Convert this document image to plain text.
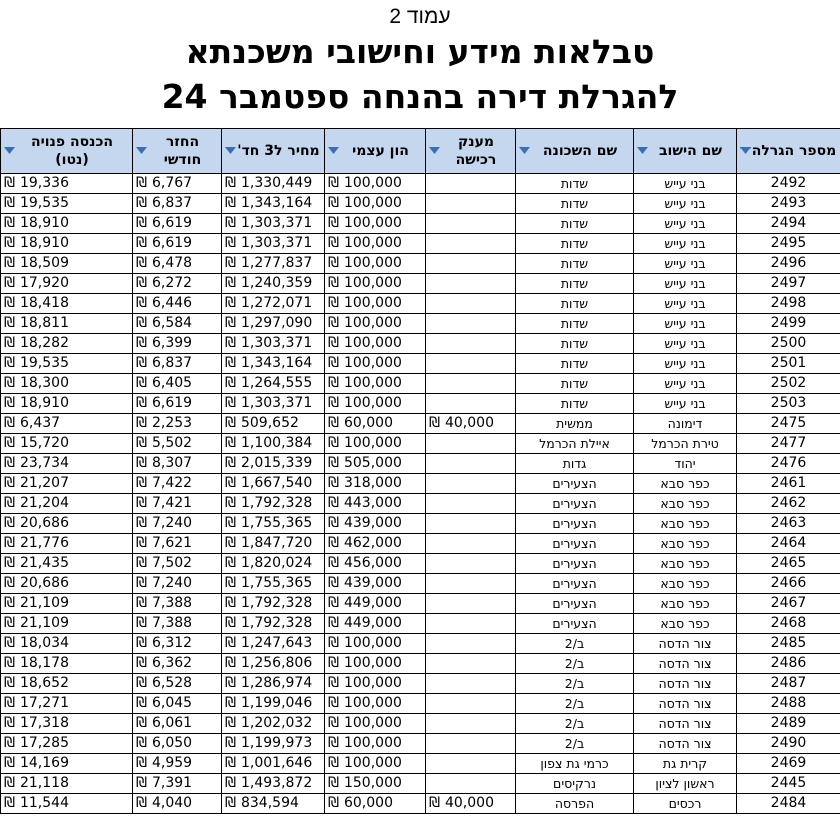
עמוד 2
טבלאות מידע וחישובי משכנתא
להגרלת דירה בהנחה ספטמבר 24
מספר הגרלה	שם הישוב	שם השכונה	מענק רכישה	הון עצמי	מחיר ל3 חד'	החזר חודשי	הכנסה פנויה (נטו)

2492	בני עייש	שדות		₪ 100,000	₪ 1,330,449	₪ 6,767	₪ 19,336
2493	בני עייש	שדות		₪ 100,000	₪ 1,343,164	₪ 6,837	₪ 19,535
2494	בני עייש	שדות		₪ 100,000	₪ 1,303,371	₪ 6,619	₪ 18,910
2495	בני עייש	שדות		₪ 100,000	₪ 1,303,371	₪ 6,619	₪ 18,910
2496	בני עייש	שדות		₪ 100,000	₪ 1,277,837	₪ 6,478	₪ 18,509
2497	בני עייש	שדות		₪ 100,000	₪ 1,240,359	₪ 6,272	₪ 17,920
2498	בני עייש	שדות		₪ 100,000	₪ 1,272,071	₪ 6,446	₪ 18,418
2499	בני עייש	שדות		₪ 100,000	₪ 1,297,090	₪ 6,584	₪ 18,811
2500	בני עייש	שדות		₪ 100,000	₪ 1,303,371	₪ 6,399	₪ 18,282
2501	בני עייש	שדות		₪ 100,000	₪ 1,343,164	₪ 6,837	₪ 19,535
2502	בני עייש	שדות		₪ 100,000	₪ 1,264,555	₪ 6,405	₪ 18,300
2503	בני עייש	שדות		₪ 100,000	₪ 1,303,371	₪ 6,619	₪ 18,910
2475	דימונה	ממשית	₪ 40,000	₪ 60,000	₪ 509,652	₪ 2,253	₪ 6,437
2477	טירת הכרמל	איילת הכרמל		₪ 100,000	₪ 1,100,384	₪ 5,502	₪ 15,720
2476	יהוד	גדות		₪ 505,000	₪ 2,015,339	₪ 8,307	₪ 23,734
2461	כפר סבא	הצעירים		₪ 318,000	₪ 1,667,540	₪ 7,422	₪ 21,207
2462	כפר סבא	הצעירים		₪ 443,000	₪ 1,792,328	₪ 7,421	₪ 21,204
2463	כפר סבא	הצעירים		₪ 439,000	₪ 1,755,365	₪ 7,240	₪ 20,686
2464	כפר סבא	הצעירים		₪ 462,000	₪ 1,847,720	₪ 7,621	₪ 21,776
2465	כפר סבא	הצעירים		₪ 456,000	₪ 1,820,024	₪ 7,502	₪ 21,435
2466	כפר סבא	הצעירים		₪ 439,000	₪ 1,755,365	₪ 7,240	₪ 20,686
2467	כפר סבא	הצעירים		₪ 449,000	₪ 1,792,328	₪ 7,388	₪ 21,109
2468	כפר סבא	הצעירים		₪ 449,000	₪ 1,792,328	₪ 7,388	₪ 21,109
2485	צור הדסה	ב/2		₪ 100,000	₪ 1,247,643	₪ 6,312	₪ 18,034
2486	צור הדסה	ב/2		₪ 100,000	₪ 1,256,806	₪ 6,362	₪ 18,178
2487	צור הדסה	ב/2		₪ 100,000	₪ 1,286,974	₪ 6,528	₪ 18,652
2488	צור הדסה	ב/2		₪ 100,000	₪ 1,199,046	₪ 6,045	₪ 17,271
2489	צור הדסה	ב/2		₪ 100,000	₪ 1,202,032	₪ 6,061	₪ 17,318
2490	צור הדסה	ב/2		₪ 100,000	₪ 1,199,973	₪ 6,050	₪ 17,285
2469	קרית גת	כרמי גת צפון		₪ 100,000	₪ 1,001,646	₪ 4,959	₪ 14,169
2445	ראשון לציון	נרקיסים		₪ 150,000	₪ 1,493,872	₪ 7,391	₪ 21,118
2484	רכסים	הפרסה	₪ 40,000	₪ 60,000	₪ 834,594	₪ 4,040	₪ 11,544
